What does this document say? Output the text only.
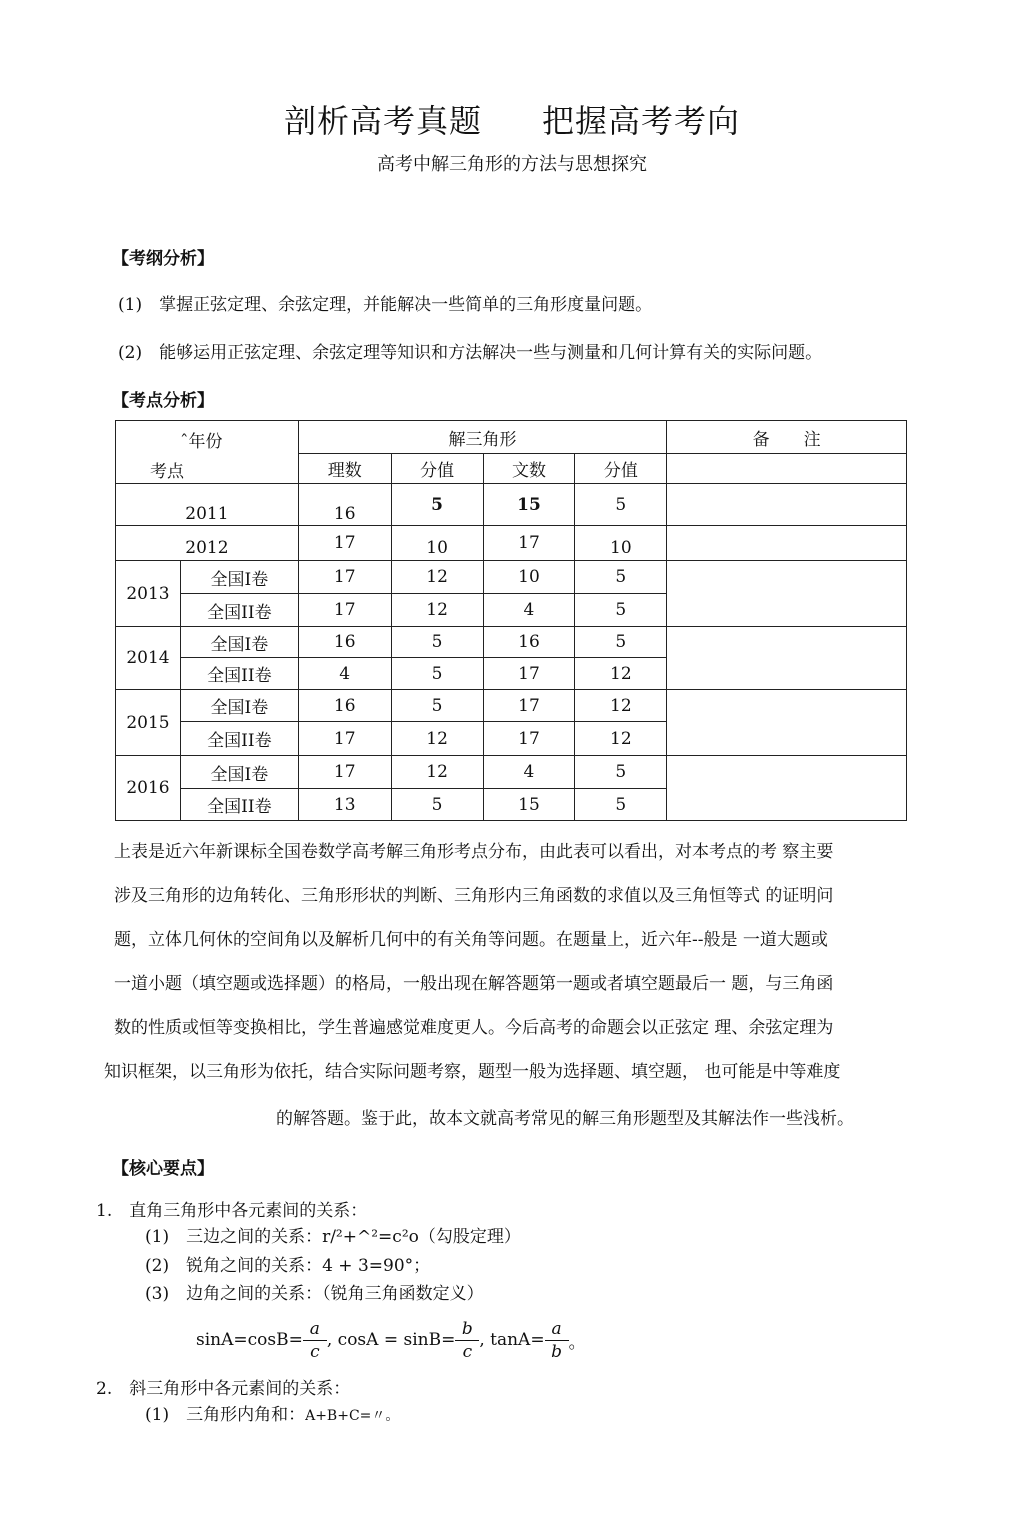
剖析高考真题 把握高考考向
高考中解三角形的方法与思想探究
【考纲分析】
(1)　掌握正弦定理、余弦定理，并能解决一些简单的三角形度量问题。
(2)　能够运用正弦定理、余弦定理等知识和方法解决一些与测量和几何计算有关的实际问题。
【考点分析】
ˆ年份
考点		解三角形				备　　注
		理数	分值	文数	分值	
2011		16	5	15	5	
2012		17	10	17	10	
2013	全国I卷	17	12	10	5	
	全国II卷	17	12	4	5	
2014	全国I卷	16	5	16	5	
	全国II卷	4	5	17	12	
2015	全国I卷	16	5	17	12	
	全国II卷	17	12	17	12	
2016	全国I卷	17	12	4	5	
	全国II卷	13	5	15	5	
上表是近六年新课标全国卷数学高考解三角形考点分布，由此表可以看出，对本考点的考 察主要
涉及三角形的边角转化、三角形形状的判断、三角形内三角函数的求值以及三角恒等式 的证明问
题，立体几何休的空间角以及解析几何中的有关角等问题。在题量上，近六年--般是 一道大题或
一道小题（填空题或选择题）的格局，一般出现在解答题第一题或者填空题最后一 题，与三角函
数的性质或恒等变换相比，学生普遍感觉难度更人。今后高考的命题会以正弦定 理、余弦定理为
知识框架，以三角形为依托，结合实际问题考察，题型一般为选择题、填空题， 也可能是中等难度
的解答题。鉴于此，故本文就高考常见的解三角形题型及其解法作一些浅析。
【核心要点】
1.　直角三角形中各元素间的关系：
(1)　三边之间的关系：r/²+^²=c²o（勾股定理）
(2)　锐角之间的关系：4 + 3=90°；
(3)　边角之间的关系：（锐角三角函数定义）
$\sin A=\cos B= \frac{a}{c}$ , $\cos A = \sin B= \frac{b}{c}$ , $\tan A= \frac{a}{b}$ 。
2.　斜三角形中各元素间的关系：
(1)　三角形内角和：A+B+C=〃。
